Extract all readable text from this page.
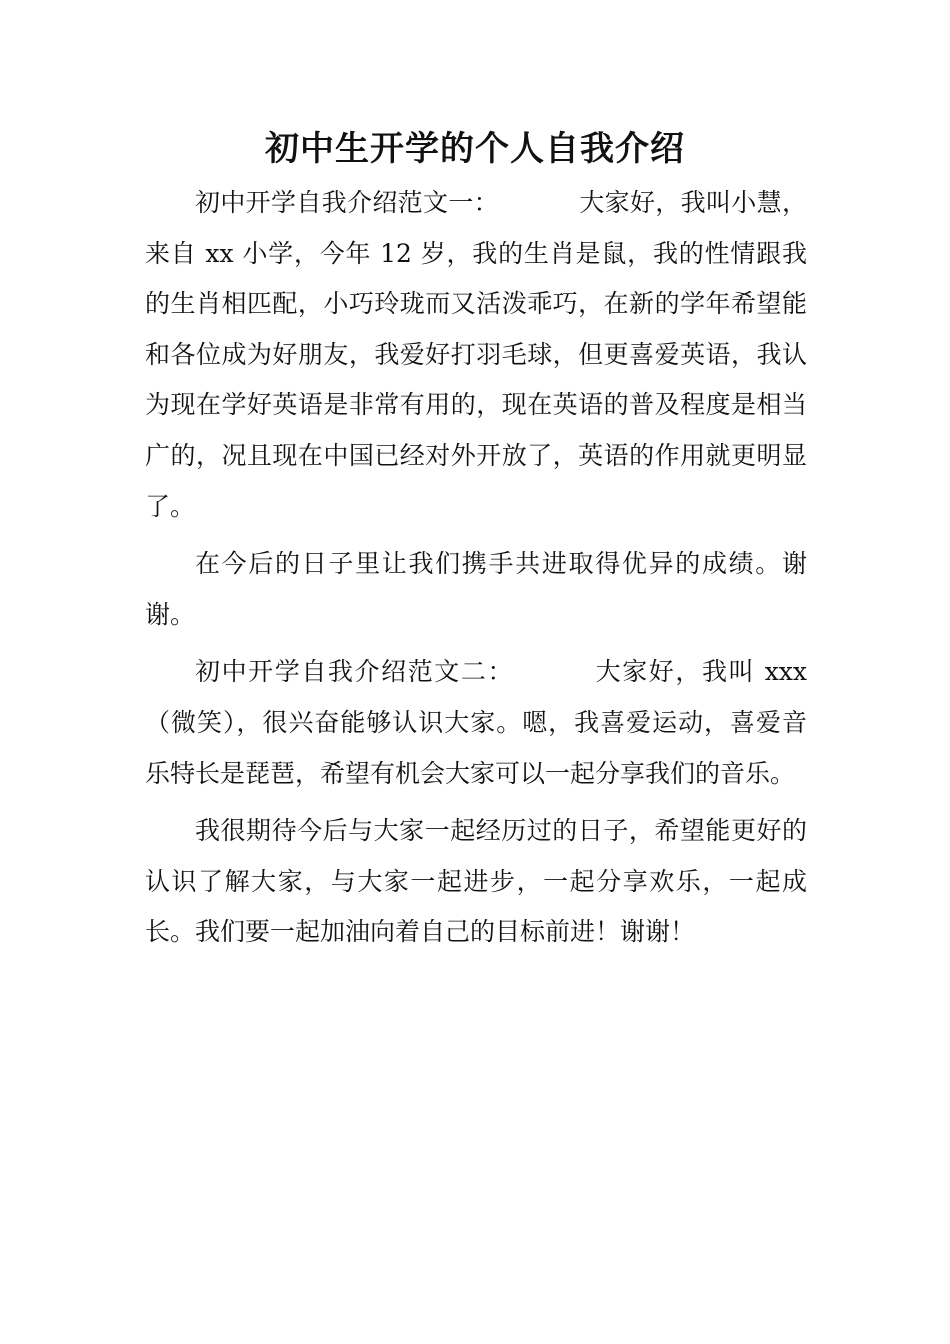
初中生开学的个人自我介绍

初中开学自我介绍范文一：	大家好，我叫小慧，来自 xx 小学，今年 12 岁，我的生肖是鼠，我的性情跟我的生肖相匹配，小巧玲珑而又活泼乖巧，在新的学年希望能和各位成为好朋友，我爱好打羽毛球，但更喜爱英语，我认为现在学好英语是非常有用的，现在英语的普及程度是相当广的，况且现在中国已经对外开放了，英语的作用就更明显了。

在今后的日子里让我们携手共进取得优异的成绩。谢谢。

初中开学自我介绍范文二：	大家好，我叫 xxx（微笑），很兴奋能够认识大家。嗯，我喜爱运动，喜爱音乐特长是琵琶，希望有机会大家可以一起分享我们的音乐。

我很期待今后与大家一起经历过的日子，希望能更好的认识了解大家，与大家一起进步，一起分享欢乐，一起成长。我们要一起加油向着自己的目标前进！谢谢！
